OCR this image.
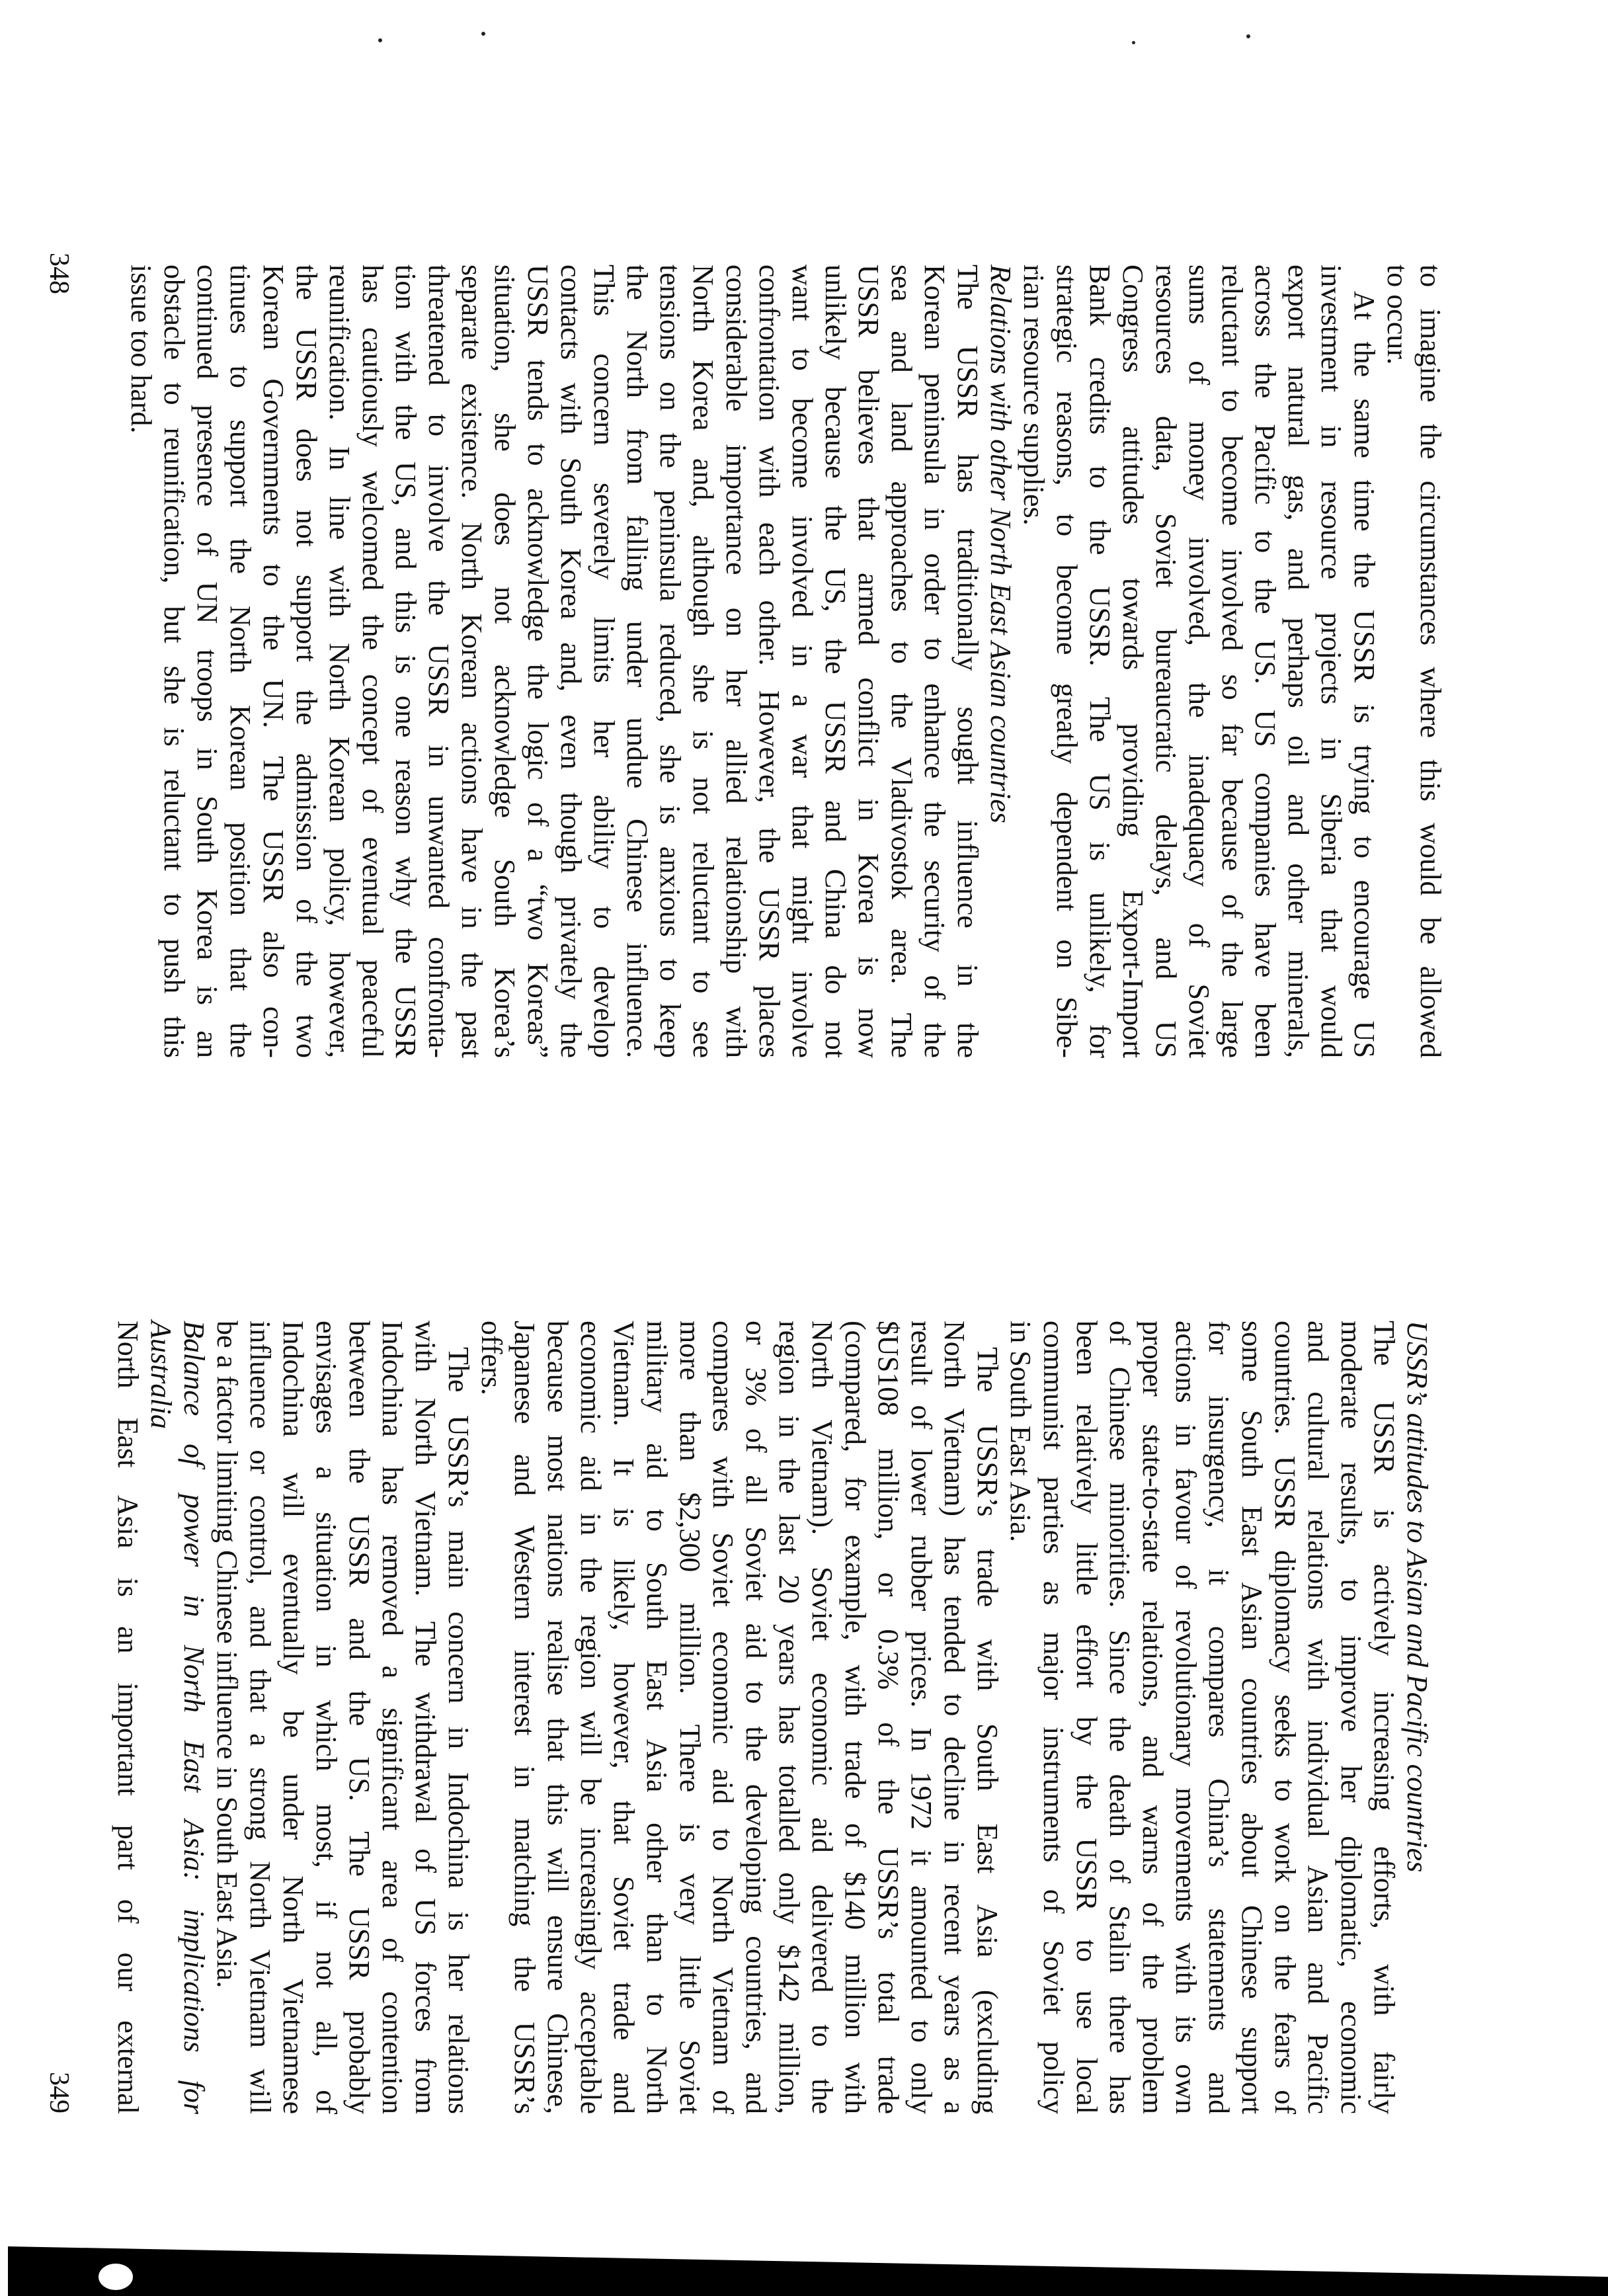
to imagine the circumstances where this would be allowed
to occur.
At the same time the USSR is trying to encourage US
investment in resource projects in Siberia that would
export natural gas, and perhaps oil and other minerals,
across the Pacific to the US. US companies have been
reluctant to become involved so far because of the large
sums of money involved, the inadequacy of Soviet
resources data, Soviet bureaucratic delays, and US
Congress attitudes towards providing Export-Import
Bank credits to the USSR. The US is unlikely, for
strategic reasons, to become greatly dependent on Sibe-
rian resource supplies.
Relations with other North East Asian countries
The USSR has traditionally sought influence in the
Korean peninsula in order to enhance the security of the
sea and land approaches to the Vladivostok area. The
USSR believes that armed conflict in Korea is now
unlikely because the US, the USSR and China do not
want to become involved in a war that might involve
confrontation with each other. However, the USSR places
considerable importance on her allied relationship with
North Korea and, although she is not reluctant to see
tensions on the peninsula reduced, she is anxious to keep
the North from falling under undue Chinese influence.
This concern severely limits her ability to develop
contacts with South Korea and, even though privately the
USSR tends to acknowledge the logic of a “two Koreas”
situation, she does not acknowledge South Korea’s
separate existence. North Korean actions have in the past
threatened to involve the USSR in unwanted confronta-
tion with the US, and this is one reason why the USSR
has cautiously welcomed the concept of eventual peaceful
reunification. In line with North Korean policy, however,
the USSR does not support the admission of the two
Korean Governments to the UN. The USSR also con-
tinues to support the North Korean position that the
continued presence of UN troops in South Korea is an
obstacle to reunification, but she is reluctant to push this
issue too hard.
348
USSR’s attitudes to Asian and Pacific countries
The USSR is actively increasing efforts, with fairly
moderate results, to improve her diplomatic, economic
and cultural relations with individual Asian and Pacific
countries. USSR diplomacy seeks to work on the fears of
some South East Asian countries about Chinese support
for insurgency, it compares China’s statements and
actions in favour of revolutionary movements with its own
proper state-to-state relations, and warns of the problem
of Chinese minorities. Since the death of Stalin there has
been relatively little effort by the USSR to use local
communist parties as major instruments of Soviet policy
in South East Asia.
The USSR’s trade with South East Asia (excluding
North Vietnam) has tended to decline in recent years as a
result of lower rubber prices. In 1972 it amounted to only
$US108 million, or 0.3% of the USSR’s total trade
(compared, for example, with trade of $140 million with
North Vietnam). Soviet economic aid delivered to the
region in the last 20 years has totalled only $142 million,
or 3% of all Soviet aid to the developing countries, and
compares with Soviet economic aid to North Vietnam of
more than $2,300 million. There is very little Soviet
military aid to South East Asia other than to North
Vietnam. It is likely, however, that Soviet trade and
economic aid in the region will be increasingly acceptable
because most nations realise that this will ensure Chinese,
Japanese and Western interest in matching the USSR’s
offers.
The USSR’s main concern in Indochina is her relations
with North Vietnam. The withdrawal of US forces from
Indochina has removed a significant area of contention
between the USSR and the US. The USSR probably
envisages a situation in which most, if not all, of
Indochina will eventually be under North Vietnamese
influence or control, and that a strong North Vietnam will
be a factor limiting Chinese influence in South East Asia.
Balance of power in North East Asia: implications for
Australia
North East Asia is an important part of our external
349
